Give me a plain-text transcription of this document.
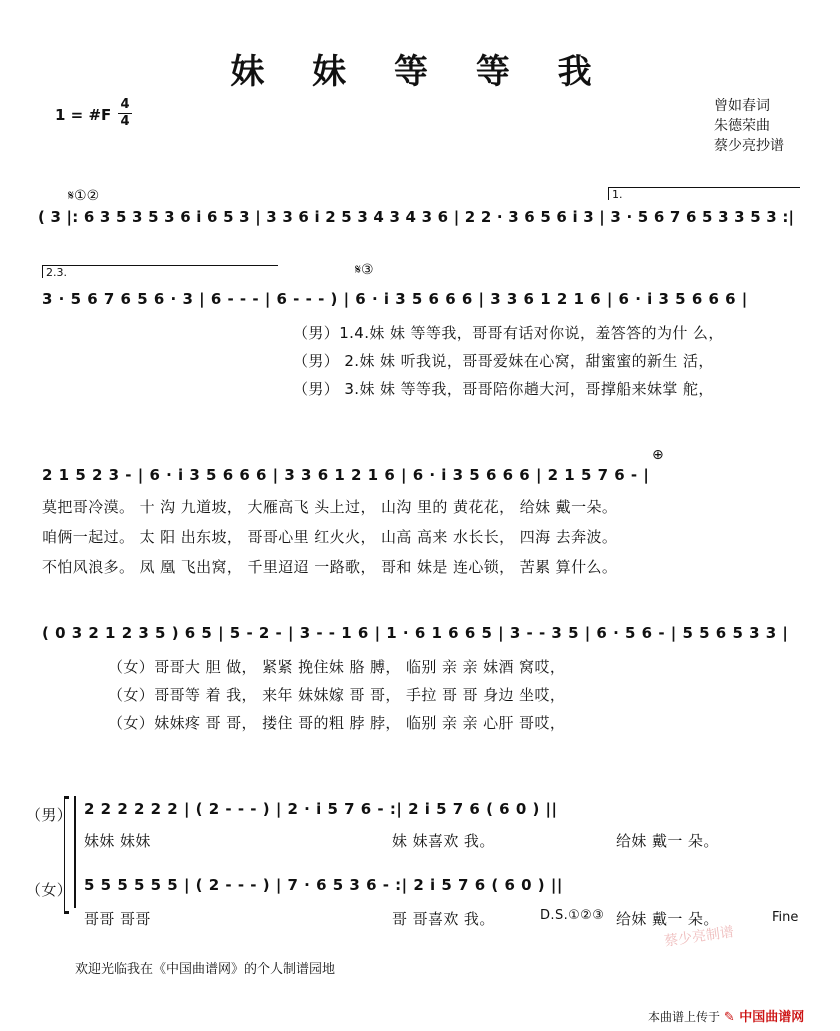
妹 妹 等 等 我
1 = #F
4
4
曾如春词
朱德荣曲
蔡少亮抄谱
𝄋①②	1.
( 3 |: 6 3 5 3 5 3 6 i 6 5 3 | 3 3 6 i 2 5 3 4 3 4 3 6 | 2 2 · 3 6 5 6 i 3 | 3 · 5 6 7 6 5 3 3 5 3 :|
2.3.	𝄋③
3 · 5 6 7 6 5 6 · 3 | 6 - - - | 6 - - - ) | 6 · i 3 5 6 6 6 | 3 3 6 1 2 1 6 | 6 · i 3 5 6 6 6 |
（男）1.4.妹 妹 等等我，哥哥有话对你说，羞答答的为什 么，
（男） 2.妹 妹 听我说，哥哥爱妹在心窝，甜蜜蜜的新生 活，
（男） 3.妹 妹 等等我，哥哥陪你趟大河，哥撑船来妹掌 舵，
⊕
2 1 5 2 3 - | 6 · i 3 5 6 6 6 | 3 3 6 1 2 1 6 | 6 · i 3 5 6 6 6 | 2 1 5 7 6 - |
莫把哥冷漠。 十 沟 九道坡， 大雁高飞 头上过， 山沟 里的 黄花花， 给妹 戴一朵。
咱俩一起过。 太 阳 出东坡， 哥哥心里 红火火， 山高 高来 水长长， 四海 去奔波。
不怕风浪多。 凤 凰 飞出窝， 千里迢迢 一路歌， 哥和 妹是 连心锁， 苦累 算什么。
( 0 3 2 1 2 3 5 ) 6 5 | 5 - 2 - | 3 - - 1 6 | 1 · 6 1 6 6 5 | 3 - - 3 5 | 6 · 5 6 - | 5 5 6 5 3 3 |
（女）哥哥大 胆 做， 紧紧 挽住妹 胳 膊， 临别 亲 亲 妹酒 窝哎，
（女）哥哥等 着 我， 来年 妹妹嫁 哥 哥， 手拉 哥 哥 身边 坐哎，
（女）妹妹疼 哥 哥， 搂住 哥的粗 脖 脖， 临别 亲 亲 心肝 哥哎，
（男） 2 2 2 2 2 2 | ( 2 - - - ) | 2 · i 5 7 6 - :| 2 i 5 7 6 ( 6 0 ) ||
妹妹 妹妹	妹 妹喜欢 我。	给妹 戴一 朵。
（女） 5 5 5 5 5 5 | ( 2 - - - ) | 7 · 6 5 3 6 - :| 2 i 5 7 6 ( 6 0 ) ||
哥哥 哥哥	哥 哥喜欢 我。	D.S.①②③ 给妹 戴一 朵。	Fine
蔡少亮制谱
欢迎光临我在《中国曲谱网》的个人制谱园地
本曲谱上传于 ✎ 中国曲谱网
